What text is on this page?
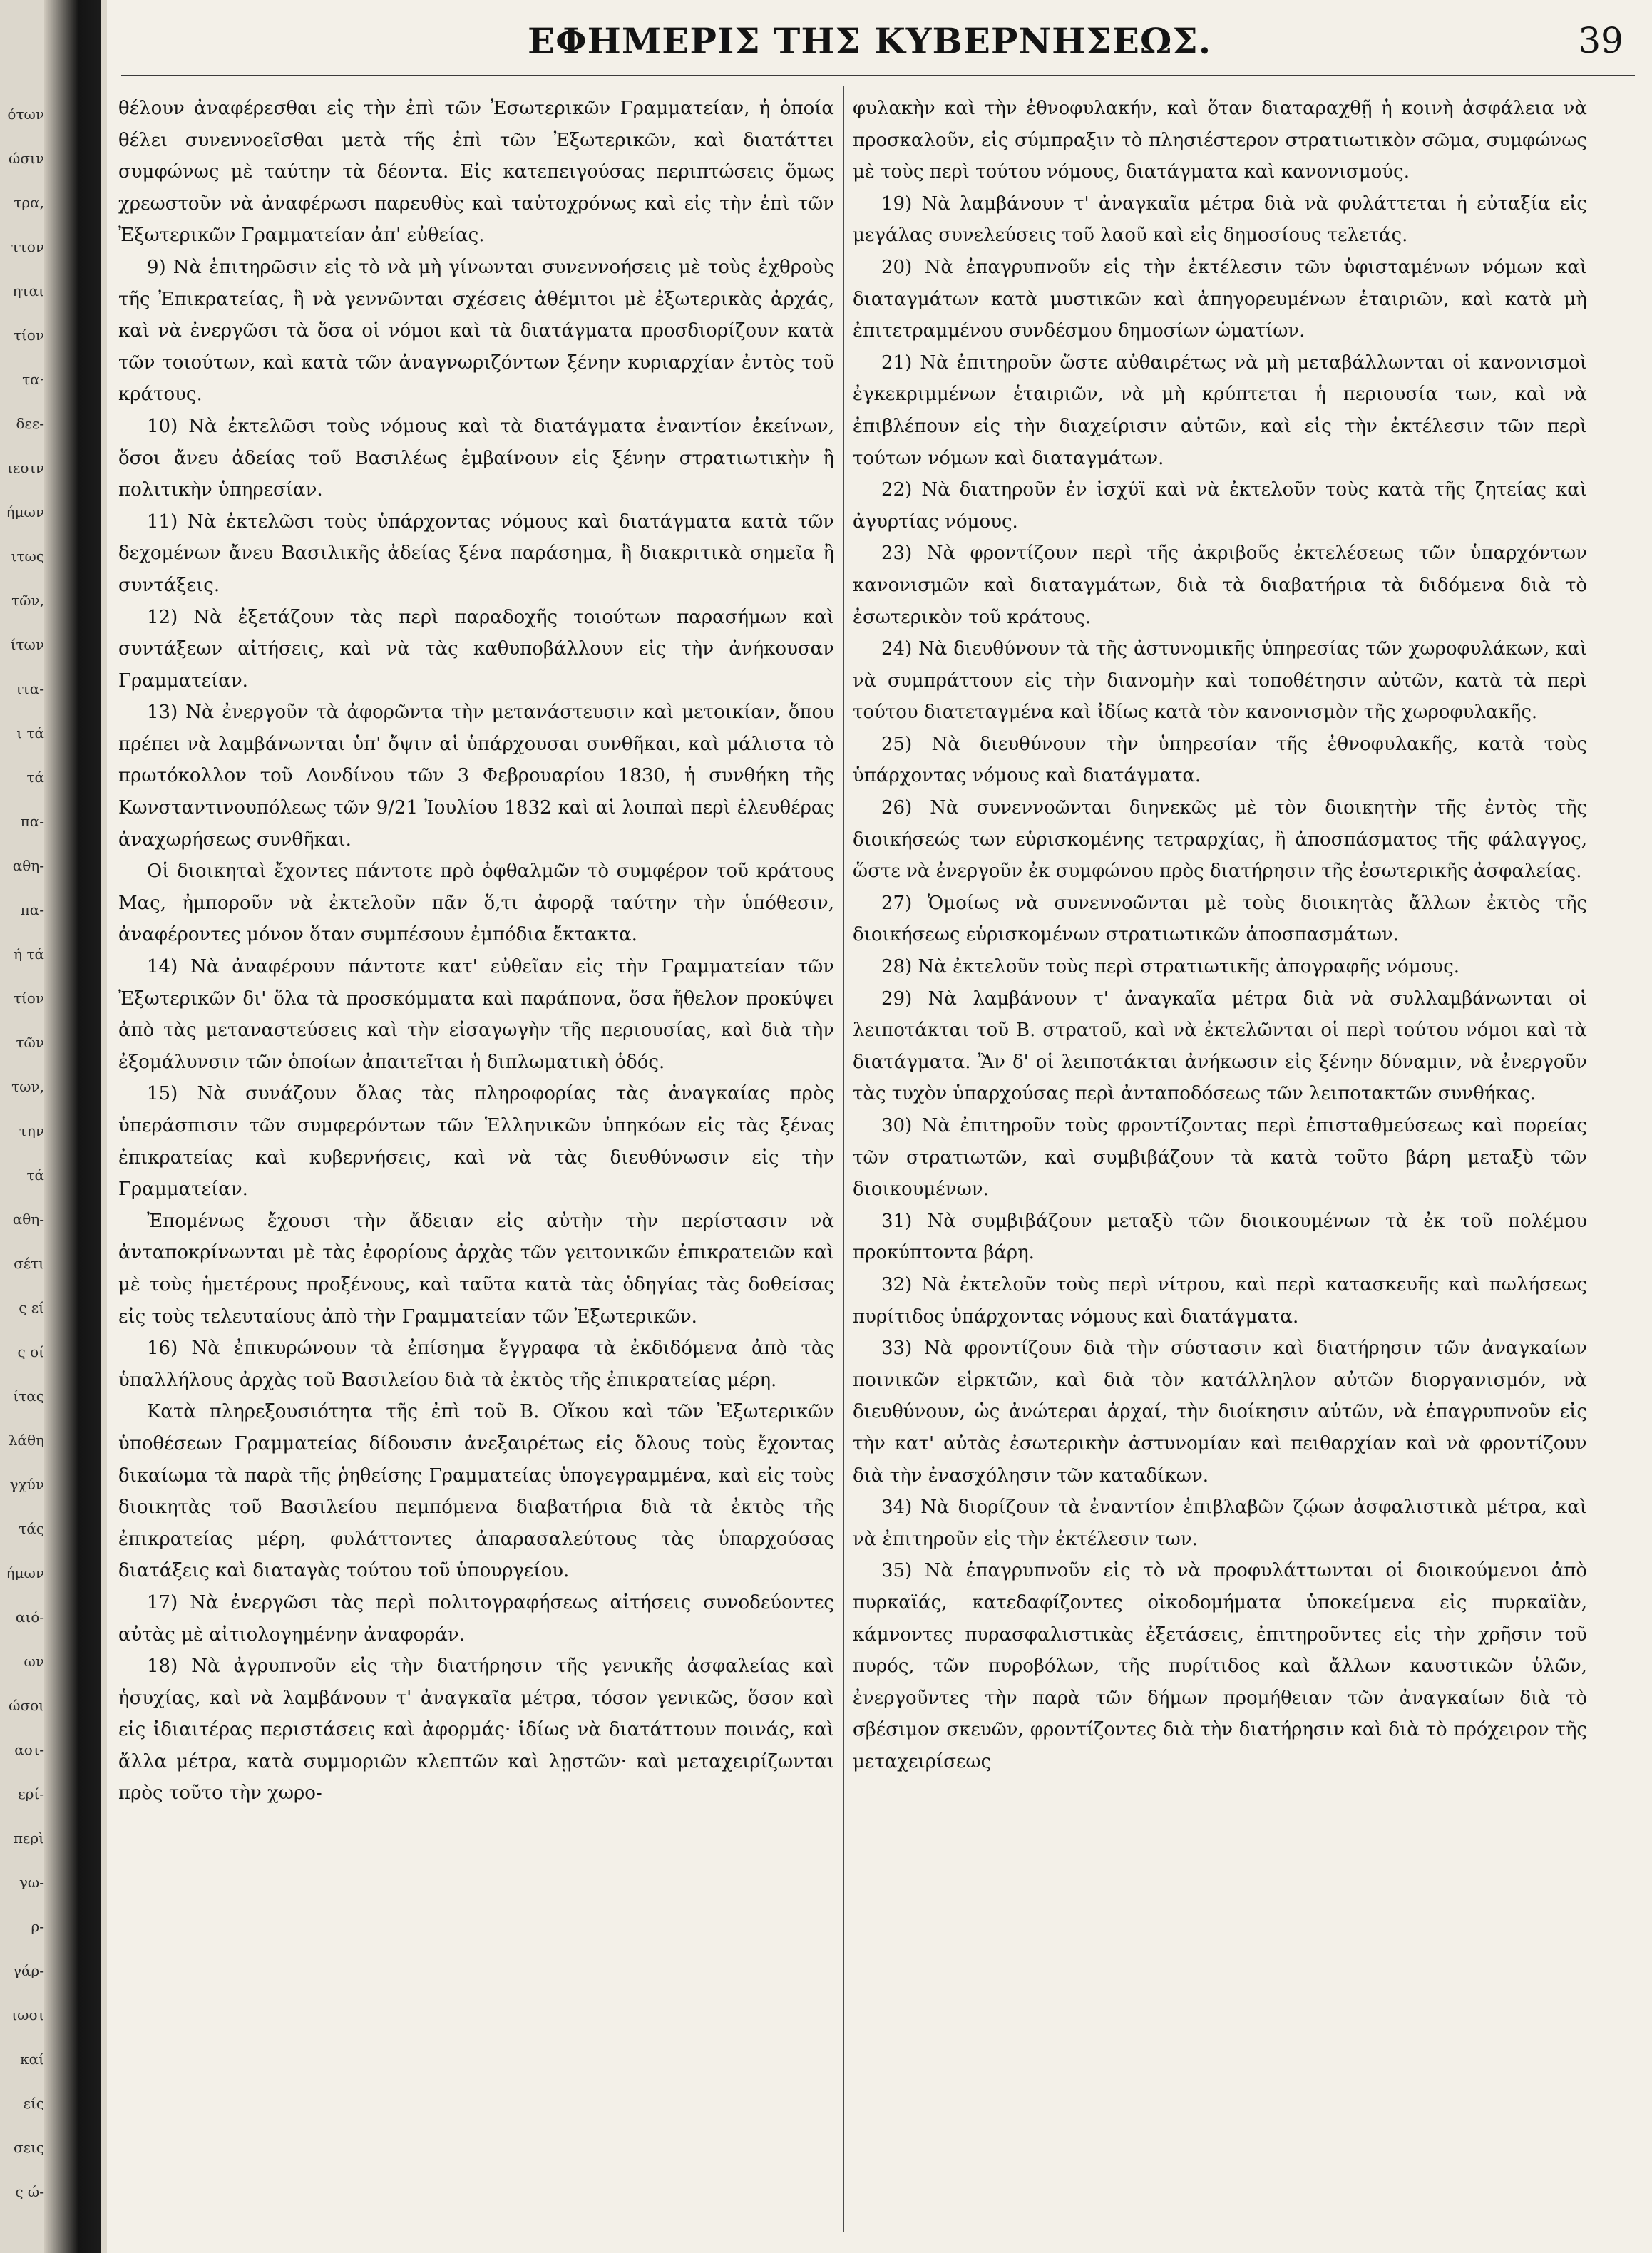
ότων
ώσιν
τρα,
ττον
ηται
τίον
τα·
δεε-
ιεσιν
ήμων
ιτως
τῶν,
ίτων
ιτα-
ι τά
τά
πα-
αθη-
πα-
ή τά
τίον
τῶν
των,
την
τά
αθη-
σέτι
ς εί
ς οί
ίτας
λάθη
γχύν
τάς
ήμων
αιό-
ων
ώσοι
ασι-
ερί-
περὶ
γω-
ρ-
γάρ-
ιωσι
καί
είς
σεις
ς ώ-
ΕΦΗΜΕΡΙΣ ΤΗΣ ΚΥΒΕΡΝΗΣΕΩΣ.	39

θέλουν ἀναφέρεσθαι εἰς τὴν ἐπὶ τῶν Ἐσωτερικῶν Γραμματείαν, ἡ ὁποία θέλει συνεννοεῖσθαι μετὰ τῆς ἐπὶ τῶν Ἐξωτερικῶν, καὶ διατάττει συμφώνως μὲ ταύτην τὰ δέοντα. Εἰς κατεπειγούσας περιπτώσεις ὅμως χρεωστοῦν νὰ ἀναφέρωσι παρευθὺς καὶ ταὐτοχρόνως καὶ εἰς τὴν ἐπὶ τῶν Ἐξωτερικῶν Γραμματείαν ἀπ' εὐθείας.

9) Νὰ ἐπιτηρῶσιν εἰς τὸ νὰ μὴ γίνωνται συνεννοήσεις μὲ τοὺς ἐχθροὺς τῆς Ἐπικρατείας, ἢ νὰ γεννῶνται σχέσεις ἀθέμιτοι μὲ ἐξωτερικὰς ἀρχάς, καὶ νὰ ἐνεργῶσι τὰ ὅσα οἱ νόμοι καὶ τὰ διατάγματα προσδιορίζουν κατὰ τῶν τοιούτων, καὶ κατὰ τῶν ἀναγνωριζόντων ξένην κυριαρχίαν ἐντὸς τοῦ κράτους.

10) Νὰ ἐκτελῶσι τοὺς νόμους καὶ τὰ διατάγματα ἐναντίον ἐκείνων, ὅσοι ἄνευ ἀδείας τοῦ Βασιλέως ἐμβαίνουν εἰς ξένην στρατιωτικὴν ἢ πολιτικὴν ὑπηρεσίαν.

11) Νὰ ἐκτελῶσι τοὺς ὑπάρχοντας νόμους καὶ διατάγματα κατὰ τῶν δεχομένων ἄνευ Βασιλικῆς ἀδείας ξένα παράσημα, ἢ διακριτικὰ σημεῖα ἢ συντάξεις.

12) Νὰ ἐξετάζουν τὰς περὶ παραδοχῆς τοιούτων παρασήμων καὶ συντάξεων αἰτήσεις, καὶ νὰ τὰς καθυποβάλλουν εἰς τὴν ἀνήκουσαν Γραμματείαν.

13) Νὰ ἐνεργοῦν τὰ ἀφορῶντα τὴν μετανάστευσιν καὶ μετοικίαν, ὅπου πρέπει νὰ λαμβάνωνται ὑπ' ὄψιν αἱ ὑπάρχουσαι συνθῆκαι, καὶ μάλιστα τὸ πρωτόκολλον τοῦ Λονδίνου τῶν 3 Φεβρουαρίου 1830, ἡ συνθήκη τῆς Κωνσταντινουπόλεως τῶν 9/21 Ἰουλίου 1832 καὶ αἱ λοιπαὶ περὶ ἐλευθέρας ἀναχωρήσεως συνθῆκαι.

Οἱ διοικηταὶ ἔχοντες πάντοτε πρὸ ὀφθαλμῶν τὸ συμφέρον τοῦ κράτους Μας, ἠμποροῦν νὰ ἐκτελοῦν πᾶν ὅ,τι ἀφορᾷ ταύτην τὴν ὑπόθεσιν, ἀναφέροντες μόνον ὅταν συμπέσουν ἐμπόδια ἔκτακτα.

14) Νὰ ἀναφέρουν πάντοτε κατ' εὐθεῖαν εἰς τὴν Γραμματείαν τῶν Ἐξωτερικῶν δι' ὅλα τὰ προσκόμματα καὶ παράπονα, ὅσα ἤθελον προκύψει ἀπὸ τὰς μεταναστεύσεις καὶ τὴν εἰσαγωγὴν τῆς περιουσίας, καὶ διὰ τὴν ἐξομάλυνσιν τῶν ὁποίων ἀπαιτεῖται ἡ διπλωματικὴ ὁδός.

15) Νὰ συνάζουν ὅλας τὰς πληροφορίας τὰς ἀναγκαίας πρὸς ὑπεράσπισιν τῶν συμφερόντων τῶν Ἑλληνικῶν ὑπηκόων εἰς τὰς ξένας ἐπικρατείας καὶ κυβερνήσεις, καὶ νὰ τὰς διευθύνωσιν εἰς τὴν Γραμματείαν.

Ἐπομένως ἔχουσι τὴν ἄδειαν εἰς αὐτὴν τὴν περίστασιν νὰ ἀνταποκρίνωνται μὲ τὰς ἐφορίους ἀρχὰς τῶν γειτονικῶν ἐπικρατειῶν καὶ μὲ τοὺς ἡμετέρους προξένους, καὶ ταῦτα κατὰ τὰς ὁδηγίας τὰς δοθείσας εἰς τοὺς τελευταίους ἀπὸ τὴν Γραμματείαν τῶν Ἐξωτερικῶν.

16) Νὰ ἐπικυρώνουν τὰ ἐπίσημα ἔγγραφα τὰ ἐκδιδόμενα ἀπὸ τὰς ὑπαλλήλους ἀρχὰς τοῦ Βασιλείου διὰ τὰ ἐκτὸς τῆς ἐπικρατείας μέρη.

Κατὰ πληρεξουσιότητα τῆς ἐπὶ τοῦ Β. Οἴκου καὶ τῶν Ἐξωτερικῶν ὑποθέσεων Γραμματείας δίδουσιν ἀνεξαιρέτως εἰς ὅλους τοὺς ἔχοντας δικαίωμα τὰ παρὰ τῆς ῥηθείσης Γραμματείας ὑπογεγραμμένα, καὶ εἰς τοὺς διοικητὰς τοῦ Βασιλείου πεμπόμενα διαβατήρια διὰ τὰ ἐκτὸς τῆς ἐπικρατείας μέρη, φυλάττοντες ἀπαρασαλεύτους τὰς ὑπαρχούσας διατάξεις καὶ διαταγὰς τούτου τοῦ ὑπουργείου.

17) Νὰ ἐνεργῶσι τὰς περὶ πολιτογραφήσεως αἰτήσεις συνοδεύοντες αὐτὰς μὲ αἰτιολογημένην ἀναφοράν.

18) Νὰ ἀγρυπνοῦν εἰς τὴν διατήρησιν τῆς γενικῆς ἀσφαλείας καὶ ἡσυχίας, καὶ νὰ λαμβάνουν τ' ἀναγκαῖα μέτρα, τόσον γενικῶς, ὅσον καὶ εἰς ἰδιαιτέρας περιστάσεις καὶ ἀφορμάς· ἰδίως νὰ διατάττουν ποινάς, καὶ ἄλλα μέτρα, κατὰ συμμοριῶν κλεπτῶν καὶ λῃστῶν· καὶ μεταχειρίζωνται πρὸς τοῦτο τὴν χωρο-

φυλακὴν καὶ τὴν ἐθνοφυλακήν, καὶ ὅταν διαταραχθῇ ἡ κοινὴ ἀσφάλεια νὰ προσκαλοῦν, εἰς σύμπραξιν τὸ πλησιέστερον στρατιωτικὸν σῶμα, συμφώνως μὲ τοὺς περὶ τούτου νόμους, διατάγματα καὶ κανονισμούς.

19) Νὰ λαμβάνουν τ' ἀναγκαῖα μέτρα διὰ νὰ φυλάττεται ἡ εὐταξία εἰς μεγάλας συνελεύσεις τοῦ λαοῦ καὶ εἰς δημοσίους τελετάς.

20) Νὰ ἐπαγρυπνοῦν εἰς τὴν ἐκτέλεσιν τῶν ὑφισταμένων νόμων καὶ διαταγμάτων κατὰ μυστικῶν καὶ ἀπηγορευμένων ἑταιριῶν, καὶ κατὰ μὴ ἐπιτετραμμένου συνδέσμου δημοσίων ὡματίων.

21) Νὰ ἐπιτηροῦν ὥστε αὐθαιρέτως νὰ μὴ μεταβάλλωνται οἱ κανονισμοὶ ἐγκεκριμμένων ἑταιριῶν, νὰ μὴ κρύπτεται ἡ περιουσία των, καὶ νὰ ἐπιβλέπουν εἰς τὴν διαχείρισιν αὐτῶν, καὶ εἰς τὴν ἐκτέλεσιν τῶν περὶ τούτων νόμων καὶ διαταγμάτων.

22) Νὰ διατηροῦν ἐν ἰσχύϊ καὶ νὰ ἐκτελοῦν τοὺς κατὰ τῆς ζητείας καὶ ἀγυρτίας νόμους.

23) Νὰ φροντίζουν περὶ τῆς ἀκριβοῦς ἐκτελέσεως τῶν ὑπαρχόντων κανονισμῶν καὶ διαταγμάτων, διὰ τὰ διαβατήρια τὰ διδόμενα διὰ τὸ ἐσωτερικὸν τοῦ κράτους.

24) Νὰ διευθύνουν τὰ τῆς ἀστυνομικῆς ὑπηρεσίας τῶν χωροφυλάκων, καὶ νὰ συμπράττουν εἰς τὴν διανομὴν καὶ τοποθέτησιν αὐτῶν, κατὰ τὰ περὶ τούτου διατεταγμένα καὶ ἰδίως κατὰ τὸν κανονισμὸν τῆς χωροφυλακῆς.

25) Νὰ διευθύνουν τὴν ὑπηρεσίαν τῆς ἐθνοφυλακῆς, κατὰ τοὺς ὑπάρχοντας νόμους καὶ διατάγματα.

26) Νὰ συνεννοῶνται διηνεκῶς μὲ τὸν διοικητὴν τῆς ἐντὸς τῆς διοικήσεώς των εὑρισκομένης τετραρχίας, ἢ ἀποσπάσματος τῆς φάλαγγος, ὥστε νὰ ἐνεργοῦν ἐκ συμφώνου πρὸς διατήρησιν τῆς ἐσωτερικῆς ἀσφαλείας.

27) Ὁμοίως νὰ συνεννοῶνται μὲ τοὺς διοικητὰς ἄλλων ἐκτὸς τῆς διοικήσεως εὑρισκομένων στρατιωτικῶν ἀποσπασμάτων.

28) Νὰ ἐκτελοῦν τοὺς περὶ στρατιωτικῆς ἀπογραφῆς νόμους.

29) Νὰ λαμβάνουν τ' ἀναγκαῖα μέτρα διὰ νὰ συλλαμβάνωνται οἱ λειποτάκται τοῦ Β. στρατοῦ, καὶ νὰ ἐκτελῶνται οἱ περὶ τούτου νόμοι καὶ τὰ διατάγματα. Ἂν δ' οἱ λειποτάκται ἀνήκωσιν εἰς ξένην δύναμιν, νὰ ἐνεργοῦν τὰς τυχὸν ὑπαρχούσας περὶ ἀνταποδόσεως τῶν λειποτακτῶν συνθήκας.

30) Νὰ ἐπιτηροῦν τοὺς φροντίζοντας περὶ ἐπισταθμεύσεως καὶ πορείας τῶν στρατιωτῶν, καὶ συμβιβάζουν τὰ κατὰ τοῦτο βάρη μεταξὺ τῶν διοικουμένων.

31) Νὰ συμβιβάζουν μεταξὺ τῶν διοικουμένων τὰ ἐκ τοῦ πολέμου προκύπτοντα βάρη.

32) Νὰ ἐκτελοῦν τοὺς περὶ νίτρου, καὶ περὶ κατασκευῆς καὶ πωλήσεως πυρίτιδος ὑπάρχοντας νόμους καὶ διατάγματα.

33) Νὰ φροντίζουν διὰ τὴν σύστασιν καὶ διατήρησιν τῶν ἀναγκαίων ποινικῶν εἱρκτῶν, καὶ διὰ τὸν κατάλληλον αὐτῶν διοργανισμόν, νὰ διευθύνουν, ὡς ἀνώτεραι ἀρχαί, τὴν διοίκησιν αὐτῶν, νὰ ἐπαγρυπνοῦν εἰς τὴν κατ' αὐτὰς ἐσωτερικὴν ἀστυνομίαν καὶ πειθαρχίαν καὶ νὰ φροντίζουν διὰ τὴν ἐνασχόλησιν τῶν καταδίκων.

34) Νὰ διορίζουν τὰ ἐναντίον ἐπιβλαβῶν ζῴων ἀσφαλιστικὰ μέτρα, καὶ νὰ ἐπιτηροῦν εἰς τὴν ἐκτέλεσιν των.

35) Νὰ ἐπαγρυπνοῦν εἰς τὸ νὰ προφυλάττωνται οἱ διοικούμενοι ἀπὸ πυρκαϊάς, κατεδαφίζοντες οἰκοδομήματα ὑποκείμενα εἰς πυρκαϊὰν, κάμνοντες πυρασφαλιστικὰς ἐξετάσεις, ἐπιτηροῦντες εἰς τὴν χρῆσιν τοῦ πυρός, τῶν πυροβόλων, τῆς πυρίτιδος καὶ ἄλλων καυστικῶν ὑλῶν, ἐνεργοῦντες τὴν παρὰ τῶν δήμων προμήθειαν τῶν ἀναγκαίων διὰ τὸ σβέσιμον σκευῶν, φροντίζοντες διὰ τὴν διατήρησιν καὶ διὰ τὸ πρόχειρον τῆς μεταχειρίσεως
